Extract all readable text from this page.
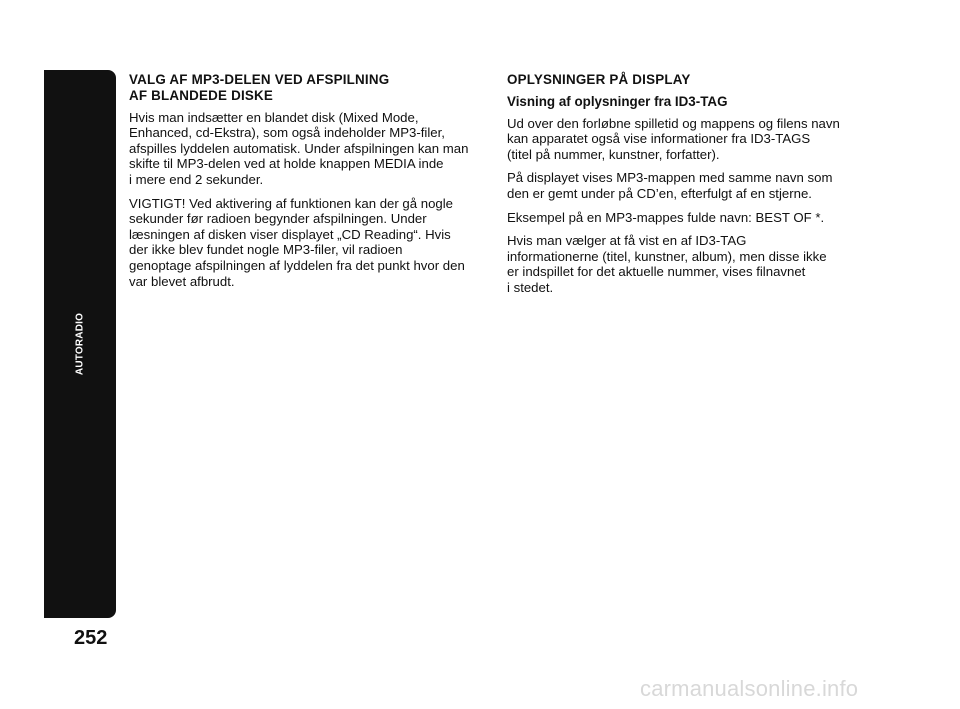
AUTORADIO
252
VALG AF MP3-DELEN VED AFSPILNING
AF BLANDEDE DISKE

Hvis man indsætter en blandet disk (Mixed Mode,
Enhanced, cd-Ekstra), som også indeholder MP3-filer,
afspilles lyddelen automatisk. Under afspilningen kan man
skifte til MP3-delen ved at holde knappen MEDIA inde
i mere end 2 sekunder.

VIGTIGT! Ved aktivering af funktionen kan der gå nogle
sekunder før radioen begynder afspilningen. Under
læsningen af disken viser displayet „CD Reading“. Hvis
der ikke blev fundet nogle MP3-filer, vil radioen
genoptage afspilningen af lyddelen fra det punkt hvor den
var blevet afbrudt.

OPLYSNINGER PÅ DISPLAY
Visning af oplysninger fra ID3-TAG

Ud over den forløbne spilletid og mappens og filens navn
kan apparatet også vise informationer fra ID3-TAGS
(titel på nummer, kunstner, forfatter).

På displayet vises MP3-mappen med samme navn som
den er gemt under på CD’en, efterfulgt af en stjerne.

Eksempel på en MP3-mappes fulde navn: BEST OF *.

Hvis man vælger at få vist en af ID3-TAG
informationerne (titel, kunstner, album), men disse ikke
er indspillet for det aktuelle nummer, vises filnavnet
i stedet.

carmanualsonline.info
